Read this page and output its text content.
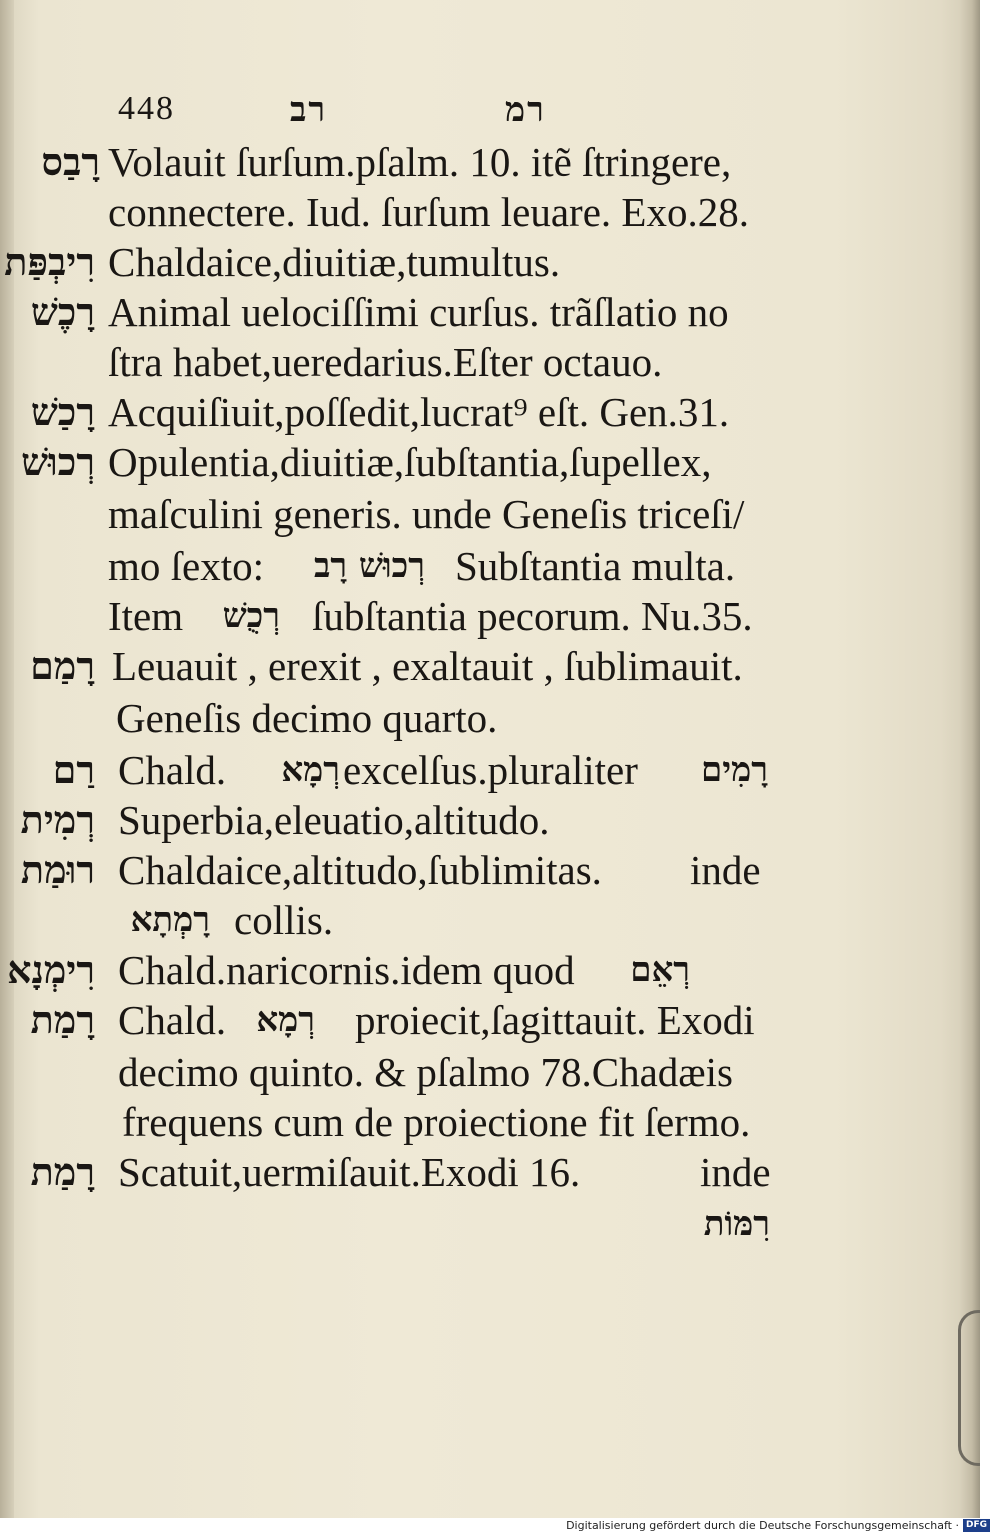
448	רב	רמ
רָבַס Volauit ſurſum.pſalm. 10. itẽ ſtringere,
connectere. Iud. ſurſum leuare. Exo.28.
רִיבְפַּת Chaldaice,diuitiæ,tumultus.
רָכֶשׁ Animal uelociſſimi curſus. trãſlatio no
ſtra habet,ueredarius.Eſter octauo.
רָכַשׁ Acquiſiuit,poſſedit,lucrat⁹ eſt. Gen.31.
רְכוּשׁ Opulentia,diuitiæ,ſubſtantia,ſupellex,
maſculini generis. unde Geneſis triceſi/
mo ſexto: רְכוּשׁ רָב Subſtantia multa.
Item רְכֻשׁ ſubſtantia pecorum. Nu.35.
רָמַם Leuauit , erexit , exaltauit , ſublimauit.
Geneſis decimo quarto.
רַם Chald. רְמָא excelſus.pluraliter רָמִים
רְמִית Superbia,eleuatio,altitudo.
רוּמַת Chaldaice,altitudo,ſublimitas. inde
רָמְתָא collis.
רִימְנָא Chald.naricornis.idem quod רְאֵם
רָמַת Chald. רְמָא proiecit,ſagittauit. Exodi
decimo quinto. & pſalmo 78.Chadæis
frequens cum de proiectione fit ſermo.
רָמַת Scatuit,uermiſauit.Exodi 16.	inde
רִמּוֹת
Digitalisierung gefördert durch die Deutsche Forschungsgemeinschaft · DFG
